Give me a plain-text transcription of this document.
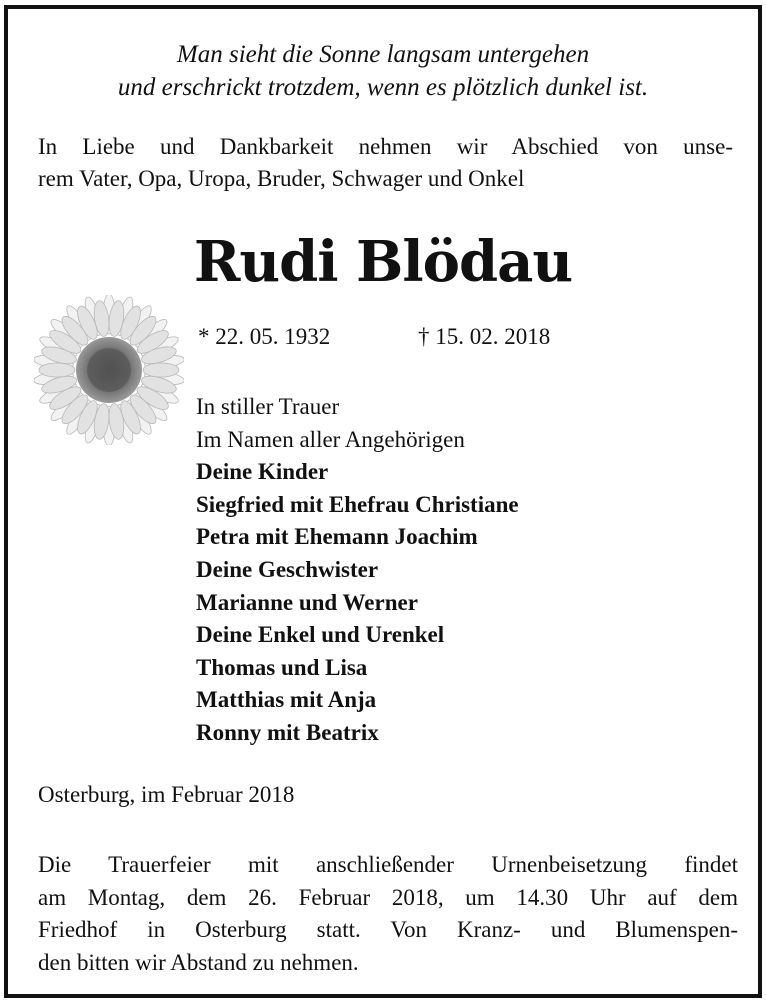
Man sieht die Sonne langsam untergehen
und erschrickt trotzdem, wenn es plötzlich dunkel ist.
In Liebe und Dankbarkeit nehmen wir Abschied von unse-
rem Vater, Opa, Uropa, Bruder, Schwager und Onkel
Rudi Blödau
* 22. 05. 1932	† 15. 02. 2018
In stiller Trauer
Im Namen aller Angehörigen
Deine Kinder
Siegfried mit Ehefrau Christiane
Petra mit Ehemann Joachim
Deine Geschwister
Marianne und Werner
Deine Enkel und Urenkel
Thomas und Lisa
Matthias mit Anja
Ronny mit Beatrix
Osterburg, im Februar 2018
Die Trauerfeier mit anschließender Urnenbeisetzung findet
am Montag, dem 26. Februar 2018, um 14.30 Uhr auf dem
Friedhof in Osterburg statt. Von Kranz- und Blumenspen-
den bitten wir Abstand zu nehmen.
